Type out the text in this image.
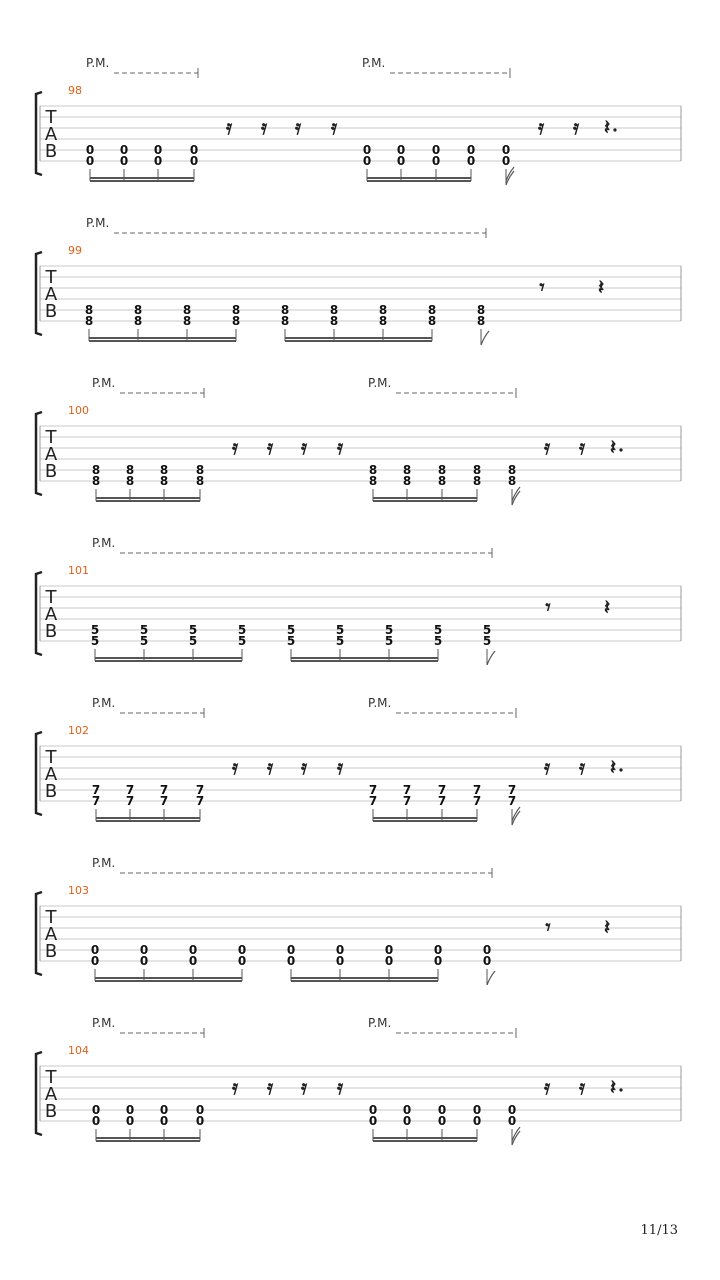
P.M.	P.M.
98
T
A
B 0
0
0
0
0
0
0
0
0
0
0
0
0
0
0
0
0
0
𝄿 𝄿 𝄿 𝄿	𝄿 𝄿 𝄽
P.M.
99
T
A
B 8
8
8
8
8
8
8
8
8
8
8
8
8
8
8
8
8
8
𝄾	𝄽
P.M.	P.M.
100
T
A
B	8
8
8
8
8
8
8
8
8
8
8
8
8
8
8
8
8
8
𝄿 𝄿 𝄿 𝄿	𝄿 𝄿 𝄽
P.M.
101
T
A
B	5
5
5
5
5
5
5
5
5
5
5
5
5
5
5
5
5
5
𝄾	𝄽
P.M.	P.M.
102
T
A
B	7
7
7
7
7
7
7
7
7
7
7
7
7
7
7
7
7
7
𝄿 𝄿 𝄿 𝄿	𝄿 𝄿 𝄽
P.M.
103
T
A
B	0
0
0
0
0
0
0
0
0
0
0
0
0
0
0
0
0
0
𝄾	𝄽
P.M.	P.M.
104
T
A
B	0
0
0
0
0
0
0
0
0
0
0
0
0
0
0
0
0
0
𝄿 𝄿 𝄿 𝄿	𝄿 𝄿 𝄽
11/13
